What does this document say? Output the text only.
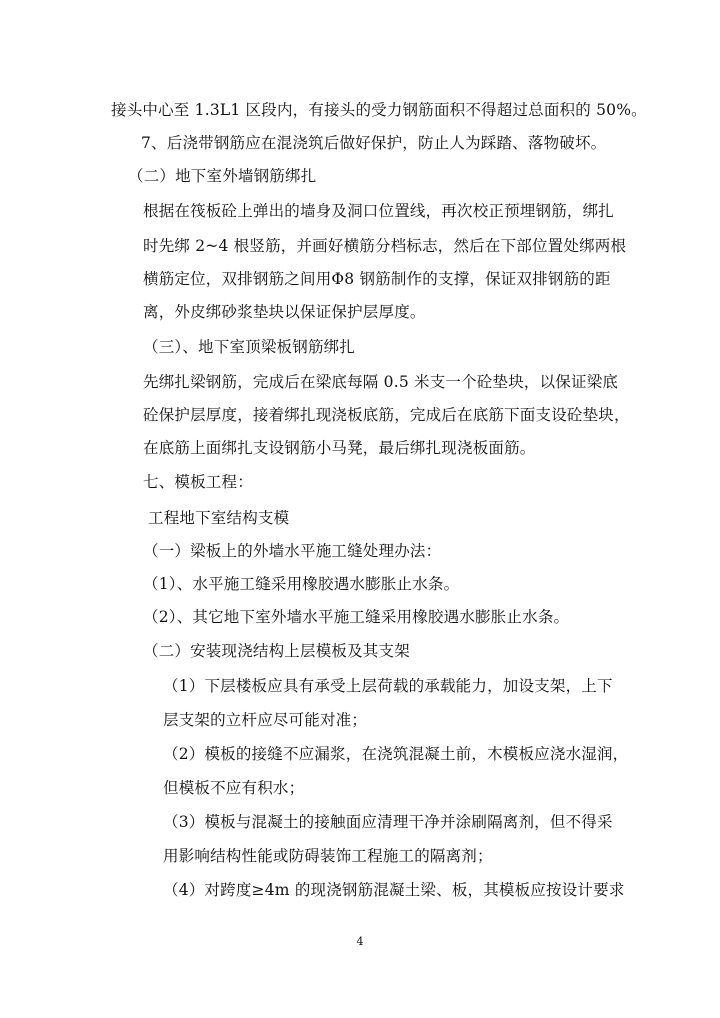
接头中心至 1.3L1 区段内，有接头的受力钢筋面积不得超过总面积的 50%。
7、后浇带钢筋应在混浇筑后做好保护，防止人为踩踏、落物破坏。
（二）地下室外墙钢筋绑扎
根据在筏板砼上弹出的墙身及洞口位置线，再次校正预埋钢筋，绑扎
时先绑 2~4 根竖筋，并画好横筋分档标志，然后在下部位置处绑两根
横筋定位，双排钢筋之间用Φ8 钢筋制作的支撑，保证双排钢筋的距
离，外皮绑砂浆垫块以保证保护层厚度。
（三）、地下室顶梁板钢筋绑扎
先绑扎梁钢筋，完成后在梁底每隔 0.5 米支一个砼垫块，以保证梁底
砼保护层厚度，接着绑扎现浇板底筋，完成后在底筋下面支设砼垫块，
在底筋上面绑扎支设钢筋小马凳，最后绑扎现浇板面筋。
七、模板工程：
工程地下室结构支模
（一）梁板上的外墙水平施工缝处理办法：
（1）、水平施工缝采用橡胶遇水膨胀止水条。
（2）、其它地下室外墙水平施工缝采用橡胶遇水膨胀止水条。
（二）安装现浇结构上层模板及其支架
（1）下层楼板应具有承受上层荷载的承载能力，加设支架，上下
层支架的立杆应尽可能对准；
（2）模板的接缝不应漏浆，在浇筑混凝土前，木模板应浇水湿润，
但模板不应有积水；
（3）模板与混凝土的接触面应清理干净并涂刷隔离剂，但不得采
用影响结构性能或防碍装饰工程施工的隔离剂；
（4）对跨度≥4m 的现浇钢筋混凝土梁、板，其模板应按设计要求
4
